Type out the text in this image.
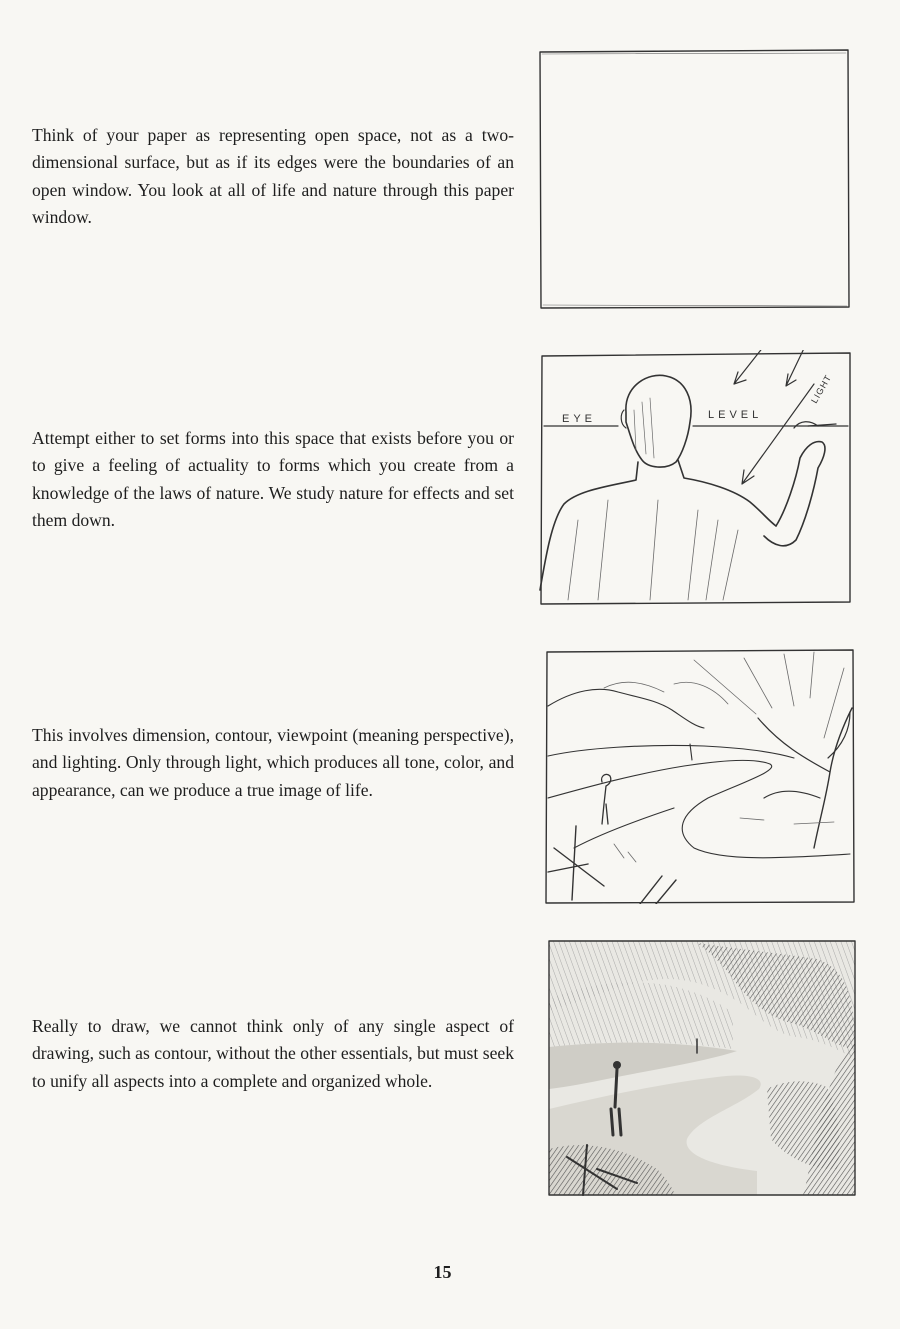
Think of your paper as representing open space, not as a two-dimensional surface, but as if its edges were the boundaries of an open window. You look at all of life and nature through this paper window.

Attempt either to set forms into this space that exists before you or to give a feeling of actuality to forms which you create from a knowledge of the laws of nature. We study nature for effects and set them down.

This involves dimension, contour, viewpoint (meaning perspective), and lighting. Only through light, which produces all tone, color, and appearance, can we produce a true image of life.

Really to draw, we cannot think only of any single aspect of drawing, such as contour, without the other essentials, but must seek to unify all aspects into a complete and organized whole.

EYE	LEVEL
LIGHT
15
